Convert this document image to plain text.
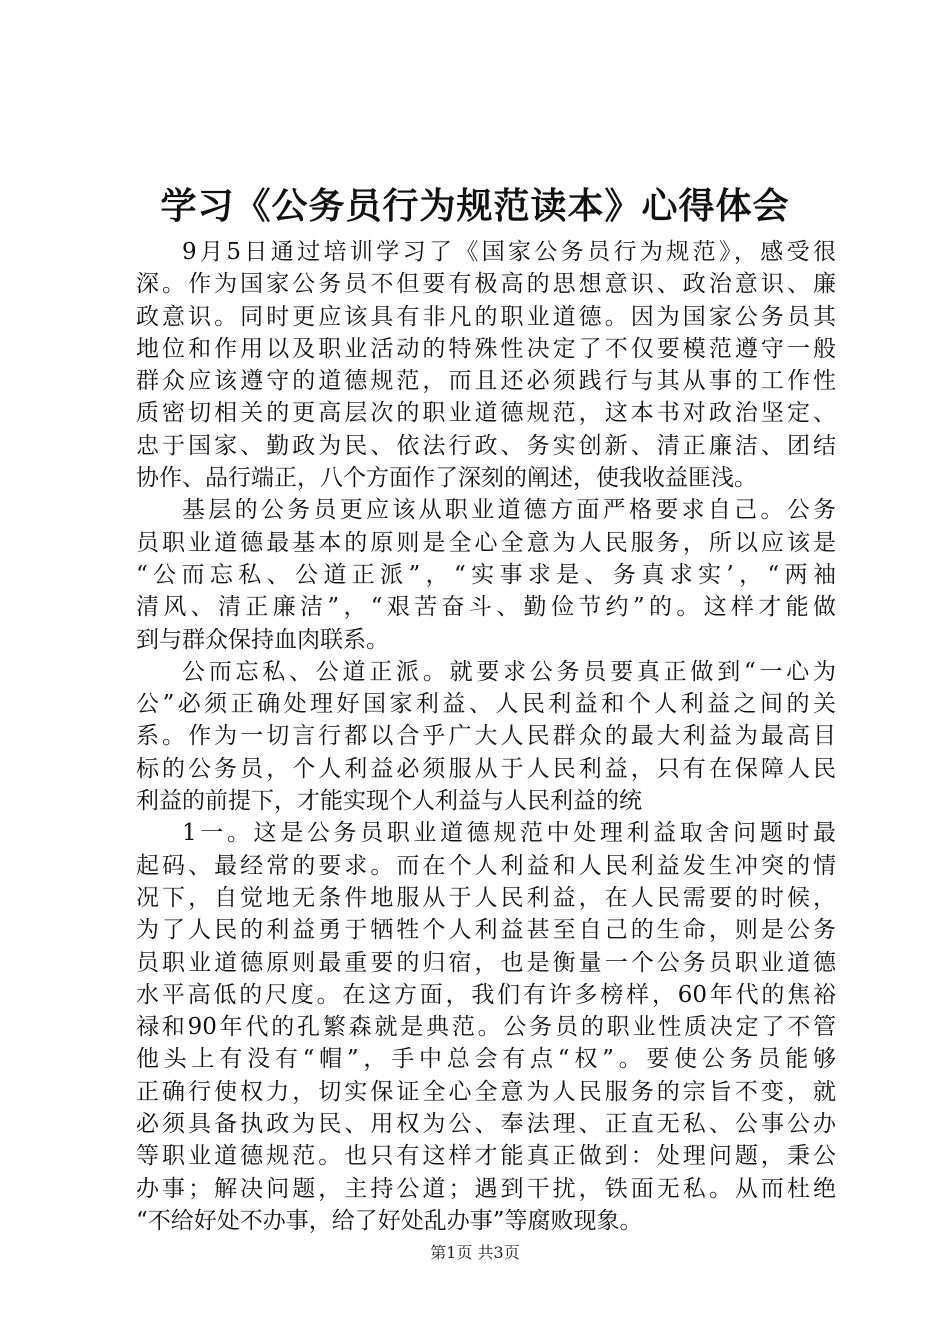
学习《公务员行为规范读本》心得体会
9月5日通过培训学习了《国家公务员行为规范》，感受很
深。作为国家公务员不但要有极高的思想意识、政治意识、廉
政意识。同时更应该具有非凡的职业道德。因为国家公务员其
地位和作用以及职业活动的特殊性决定了不仅要模范遵守一般
群众应该遵守的道德规范，而且还必须践行与其从事的工作性
质密切相关的更高层次的职业道德规范，这本书对政治坚定、
忠于国家、勤政为民、依法行政、务实创新、清正廉洁、团结
协作、品行端正，八个方面作了深刻的阐述，使我收益匪浅。
基层的公务员更应该从职业道德方面严格要求自己。公务
员职业道德最基本的原则是全心全意为人民服务，所以应该是
“公而忘私、公道正派”，“实事求是、务真求实’，“两袖
清风、清正廉洁”，“艰苦奋斗、勤俭节约”的。这样才能做
到与群众保持血肉联系。
公而忘私、公道正派。就要求公务员要真正做到“一心为
公”必须正确处理好国家利益、人民利益和个人利益之间的关
系。作为一切言行都以合乎广大人民群众的最大利益为最高目
标的公务员，个人利益必须服从于人民利益，只有在保障人民
利益的前提下，才能实现个人利益与人民利益的统
1一。这是公务员职业道德规范中处理利益取舍问题时最
起码、最经常的要求。而在个人利益和人民利益发生冲突的情
况下，自觉地无条件地服从于人民利益，在人民需要的时候，
为了人民的利益勇于牺牲个人利益甚至自己的生命，则是公务
员职业道德原则最重要的归宿，也是衡量一个公务员职业道德
水平高低的尺度。在这方面，我们有许多榜样，60年代的焦裕
禄和90年代的孔繁森就是典范。公务员的职业性质决定了不管
他头上有没有“帽”，手中总会有点“权”。要使公务员能够
正确行使权力，切实保证全心全意为人民服务的宗旨不变，就
必须具备执政为民、用权为公、奉法理、正直无私、公事公办
等职业道德规范。也只有这样才能真正做到：处理问题，秉公
办事；解决问题，主持公道；遇到干扰，铁面无私。从而杜绝
“不给好处不办事，给了好处乱办事”等腐败现象。
第1页 共3页
